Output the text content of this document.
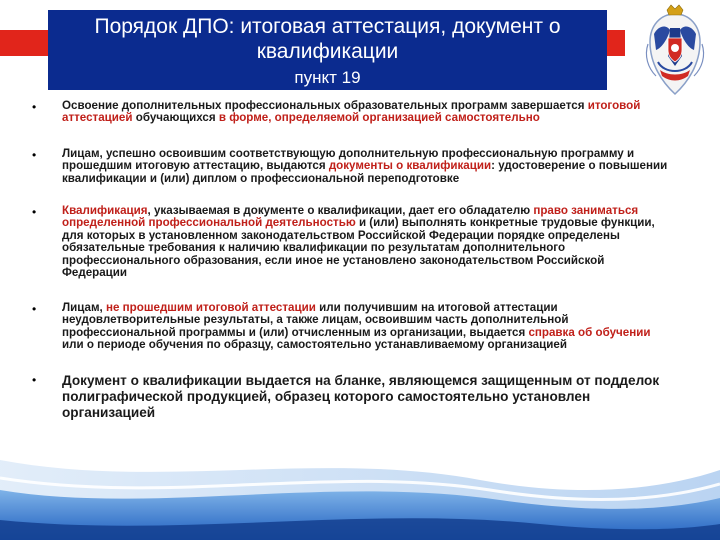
Порядок ДПО: итоговая аттестация, документ о квалификации
пункт 19
• Освоение дополнительных профессиональных образовательных программ завершается итоговой аттестацией обучающихся в форме, определяемой организацией самостоятельно
• Лицам, успешно освоившим соответствующую дополнительную профессиональную программу и прошедшим итоговую аттестацию, выдаются документы о квалификации: удостоверение о повышении квалификации и (или) диплом о профессиональной переподготовке
• Квалификация, указываемая в документе о квалификации, дает его обладателю право заниматься определенной профессиональной деятельностью и (или) выполнять конкретные трудовые функции, для которых в установленном законодательством Российской Федерации порядке определены обязательные требования к наличию квалификации по результатам дополнительного профессионального образования, если иное не установлено законодательством Российской Федерации
• Лицам, не прошедшим итоговой аттестации или получившим на итоговой аттестации неудовлетворительные результаты, а также лицам, освоившим часть дополнительной профессиональной программы и (или) отчисленным из организации, выдается справка об обучении или о периоде обучения по образцу, самостоятельно устанавливаемому организацией
• Документ о квалификации выдается на бланке, являющемся защищенным от подделок полиграфической продукцией, образец которого самостоятельно установлен организацией
